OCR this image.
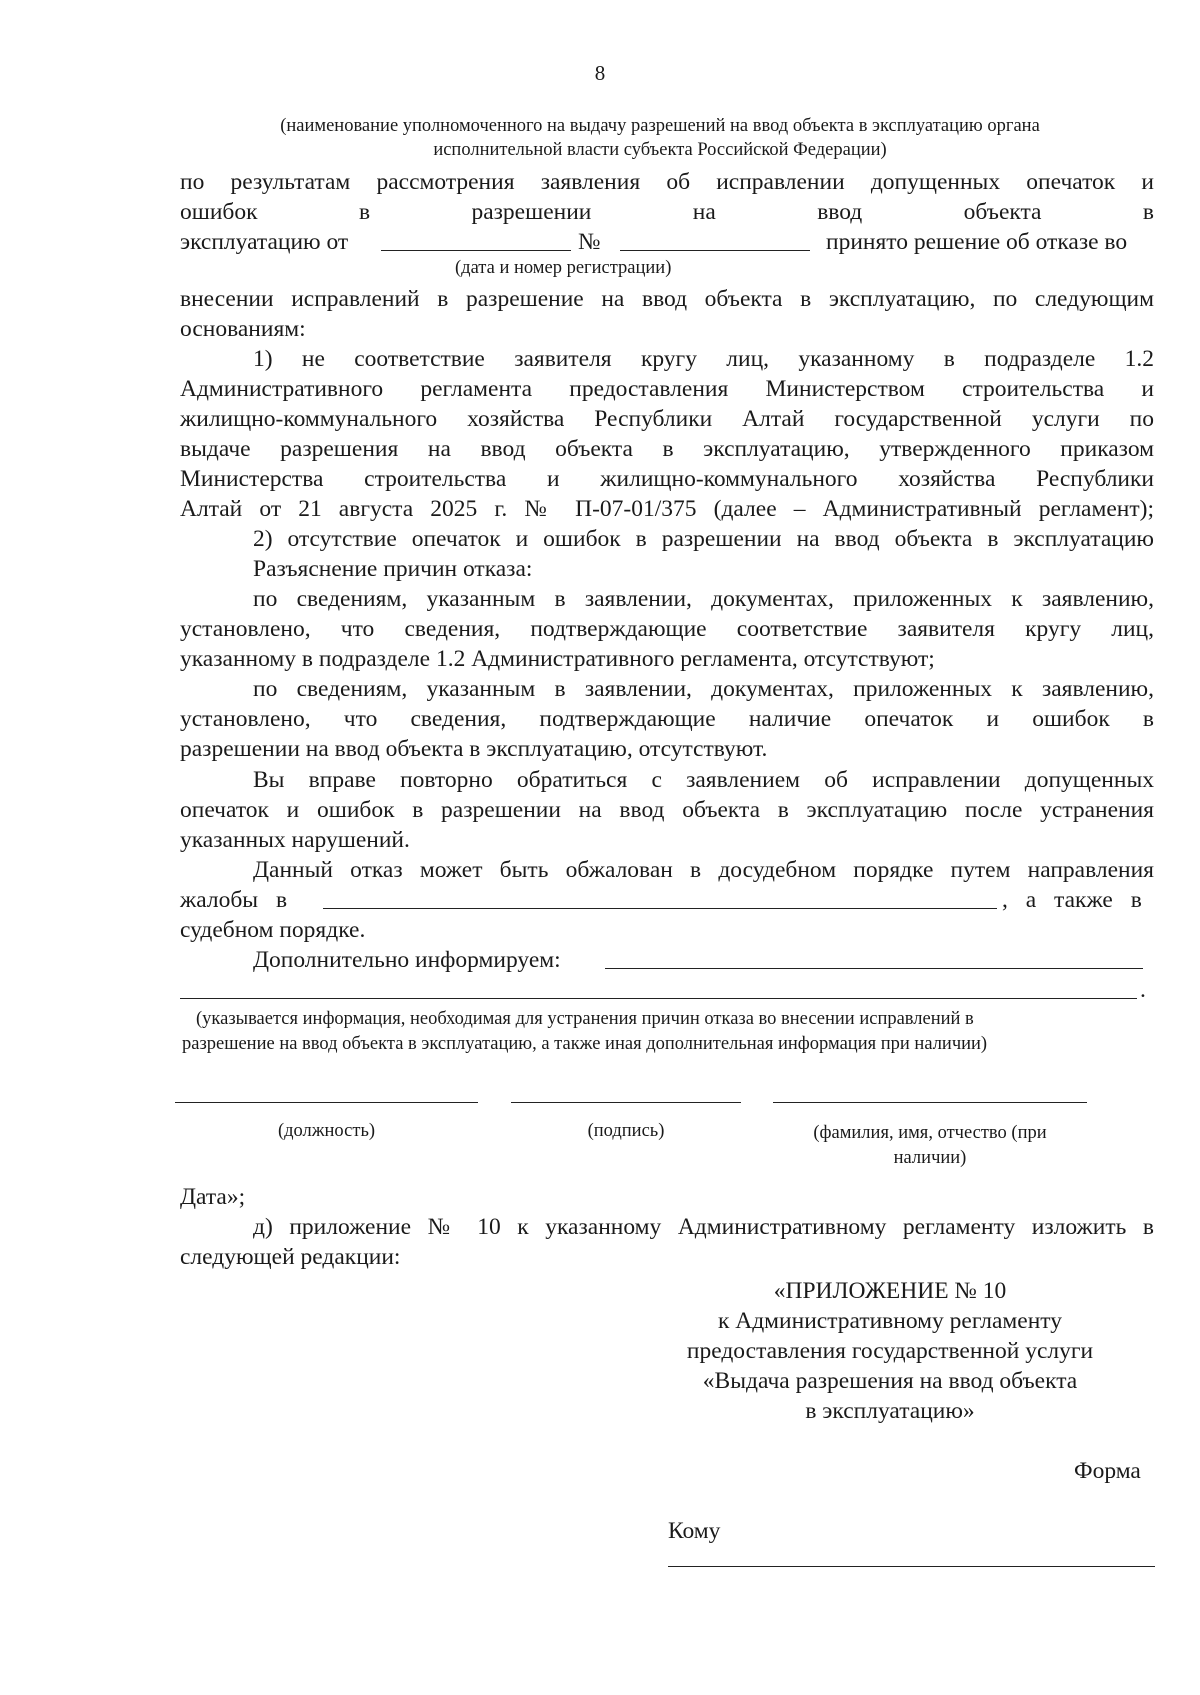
8
(наименование уполномоченного на выдачу разрешений на ввод объекта в эксплуатацию органа
исполнительной власти субъекта Российской Федерации)
по результатам рассмотрения заявления об исправлении допущенных опечаток и
ошибок	в	разрешении	на	ввод	объекта	в
эксплуатацию от	№	принято решение об отказе во
(дата и номер регистрации)
внесении исправлений в разрешение на ввод объекта в эксплуатацию, по следующим
основаниям:
1) не соответствие заявителя кругу лиц, указанному в подразделе 1.2
Административного регламента предоставления Министерством строительства и
жилищно-коммунального хозяйства Республики Алтай государственной услуги по
выдаче разрешения на ввод объекта в эксплуатацию, утвержденного приказом
Министерства строительства и жилищно-коммунального хозяйства Республики
Алтай от 21 августа 2025 г. № П-07-01/375 (далее – Административный регламент);
2) отсутствие опечаток и ошибок в разрешении на ввод объекта в эксплуатацию
Разъяснение причин отказа:
по сведениям, указанным в заявлении, документах, приложенных к заявлению,
установлено, что сведения, подтверждающие соответствие заявителя кругу лиц,
указанному в подразделе 1.2 Административного регламента, отсутствуют;
по сведениям, указанным в заявлении, документах, приложенных к заявлению,
установлено, что сведения, подтверждающие наличие опечаток и ошибок в
разрешении на ввод объекта в эксплуатацию, отсутствуют.
Вы вправе повторно обратиться с заявлением об исправлении допущенных
опечаток и ошибок в разрешении на ввод объекта в эксплуатацию после устранения
указанных нарушений.
Данный отказ может быть обжалован в досудебном порядке путем направления
жалобы в	, а также в
судебном порядке.
Дополнительно информируем:
.
(указывается информация, необходимая для устранения причин отказа во внесении исправлений в
разрешение на ввод объекта в эксплуатацию, а также иная дополнительная информация при наличии)
(должность)	(подпись)	(фамилия, имя, отчество (при
наличии)
Дата»;
д) приложение № 10 к указанному Административному регламенту изложить в
следующей редакции:
«ПРИЛОЖЕНИЕ № 10
к Административному регламенту
предоставления государственной услуги
«Выдача разрешения на ввод объекта
в эксплуатацию»
Форма
Кому
